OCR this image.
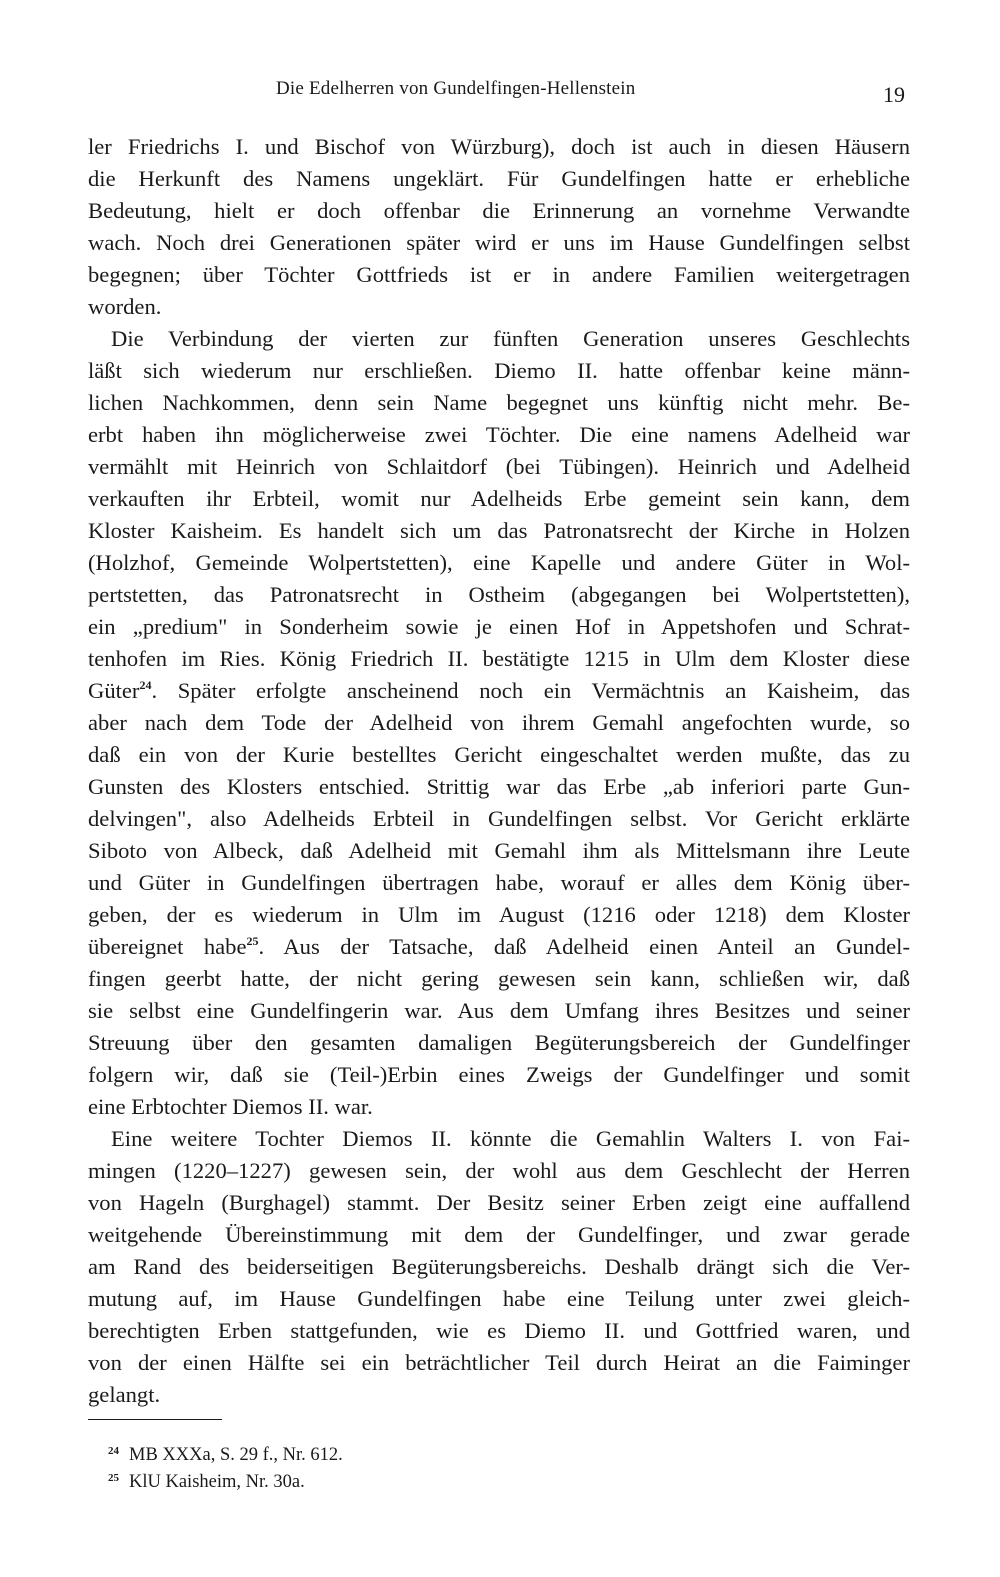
Die Edelherren von Gundelfingen-Hellenstein	19
ler Friedrichs I. und Bischof von Würzburg), doch ist auch in diesen Häusern
die Herkunft des Namens ungeklärt. Für Gundelfingen hatte er erhebliche
Bedeutung, hielt er doch offenbar die Erinnerung an vornehme Verwandte
wach. Noch drei Generationen später wird er uns im Hause Gundelfingen selbst
begegnen; über Töchter Gottfrieds ist er in andere Familien weitergetragen
worden.
Die Verbindung der vierten zur fünften Generation unseres Geschlechts
läßt sich wiederum nur erschließen. Diemo II. hatte offenbar keine männ-
lichen Nachkommen, denn sein Name begegnet uns künftig nicht mehr. Be-
erbt haben ihn möglicherweise zwei Töchter. Die eine namens Adelheid war
vermählt mit Heinrich von Schlaitdorf (bei Tübingen). Heinrich und Adelheid
verkauften ihr Erbteil, womit nur Adelheids Erbe gemeint sein kann, dem
Kloster Kaisheim. Es handelt sich um das Patronatsrecht der Kirche in Holzen
(Holzhof, Gemeinde Wolpertstetten), eine Kapelle und andere Güter in Wol-
pertstetten, das Patronatsrecht in Ostheim (abgegangen bei Wolpertstetten),
ein „predium" in Sonderheim sowie je einen Hof in Appetshofen und Schrat-
tenhofen im Ries. König Friedrich II. bestätigte 1215 in Ulm dem Kloster diese
Güter$^{24}$. Später erfolgte anscheinend noch ein Vermächtnis an Kaisheim, das
aber nach dem Tode der Adelheid von ihrem Gemahl angefochten wurde, so
daß ein von der Kurie bestelltes Gericht eingeschaltet werden mußte, das zu
Gunsten des Klosters entschied. Strittig war das Erbe „ab inferiori parte Gun-
delvingen", also Adelheids Erbteil in Gundelfingen selbst. Vor Gericht erklärte
Siboto von Albeck, daß Adelheid mit Gemahl ihm als Mittelsmann ihre Leute
und Güter in Gundelfingen übertragen habe, worauf er alles dem König über-
geben, der es wiederum in Ulm im August (1216 oder 1218) dem Kloster
übereignet habe$^{25}$. Aus der Tatsache, daß Adelheid einen Anteil an Gundel-
fingen geerbt hatte, der nicht gering gewesen sein kann, schließen wir, daß
sie selbst eine Gundelfingerin war. Aus dem Umfang ihres Besitzes und seiner
Streuung über den gesamten damaligen Begüterungsbereich der Gundelfinger
folgern wir, daß sie (Teil-)Erbin eines Zweigs der Gundelfinger und somit
eine Erbtochter Diemos II. war.
Eine weitere Tochter Diemos II. könnte die Gemahlin Walters I. von Fai-
mingen (1220–1227) gewesen sein, der wohl aus dem Geschlecht der Herren
von Hageln (Burghagel) stammt. Der Besitz seiner Erben zeigt eine auffallend
weitgehende Übereinstimmung mit dem der Gundelfinger, und zwar gerade
am Rand des beiderseitigen Begüterungsbereichs. Deshalb drängt sich die Ver-
mutung auf, im Hause Gundelfingen habe eine Teilung unter zwei gleich-
berechtigten Erben stattgefunden, wie es Diemo II. und Gottfried waren, und
von der einen Hälfte sei ein beträchtlicher Teil durch Heirat an die Faiminger
gelangt.
$^{24}$ MB XXXa, S. 29 f., Nr. 612.
$^{25}$ KlU Kaisheim, Nr. 30a.
